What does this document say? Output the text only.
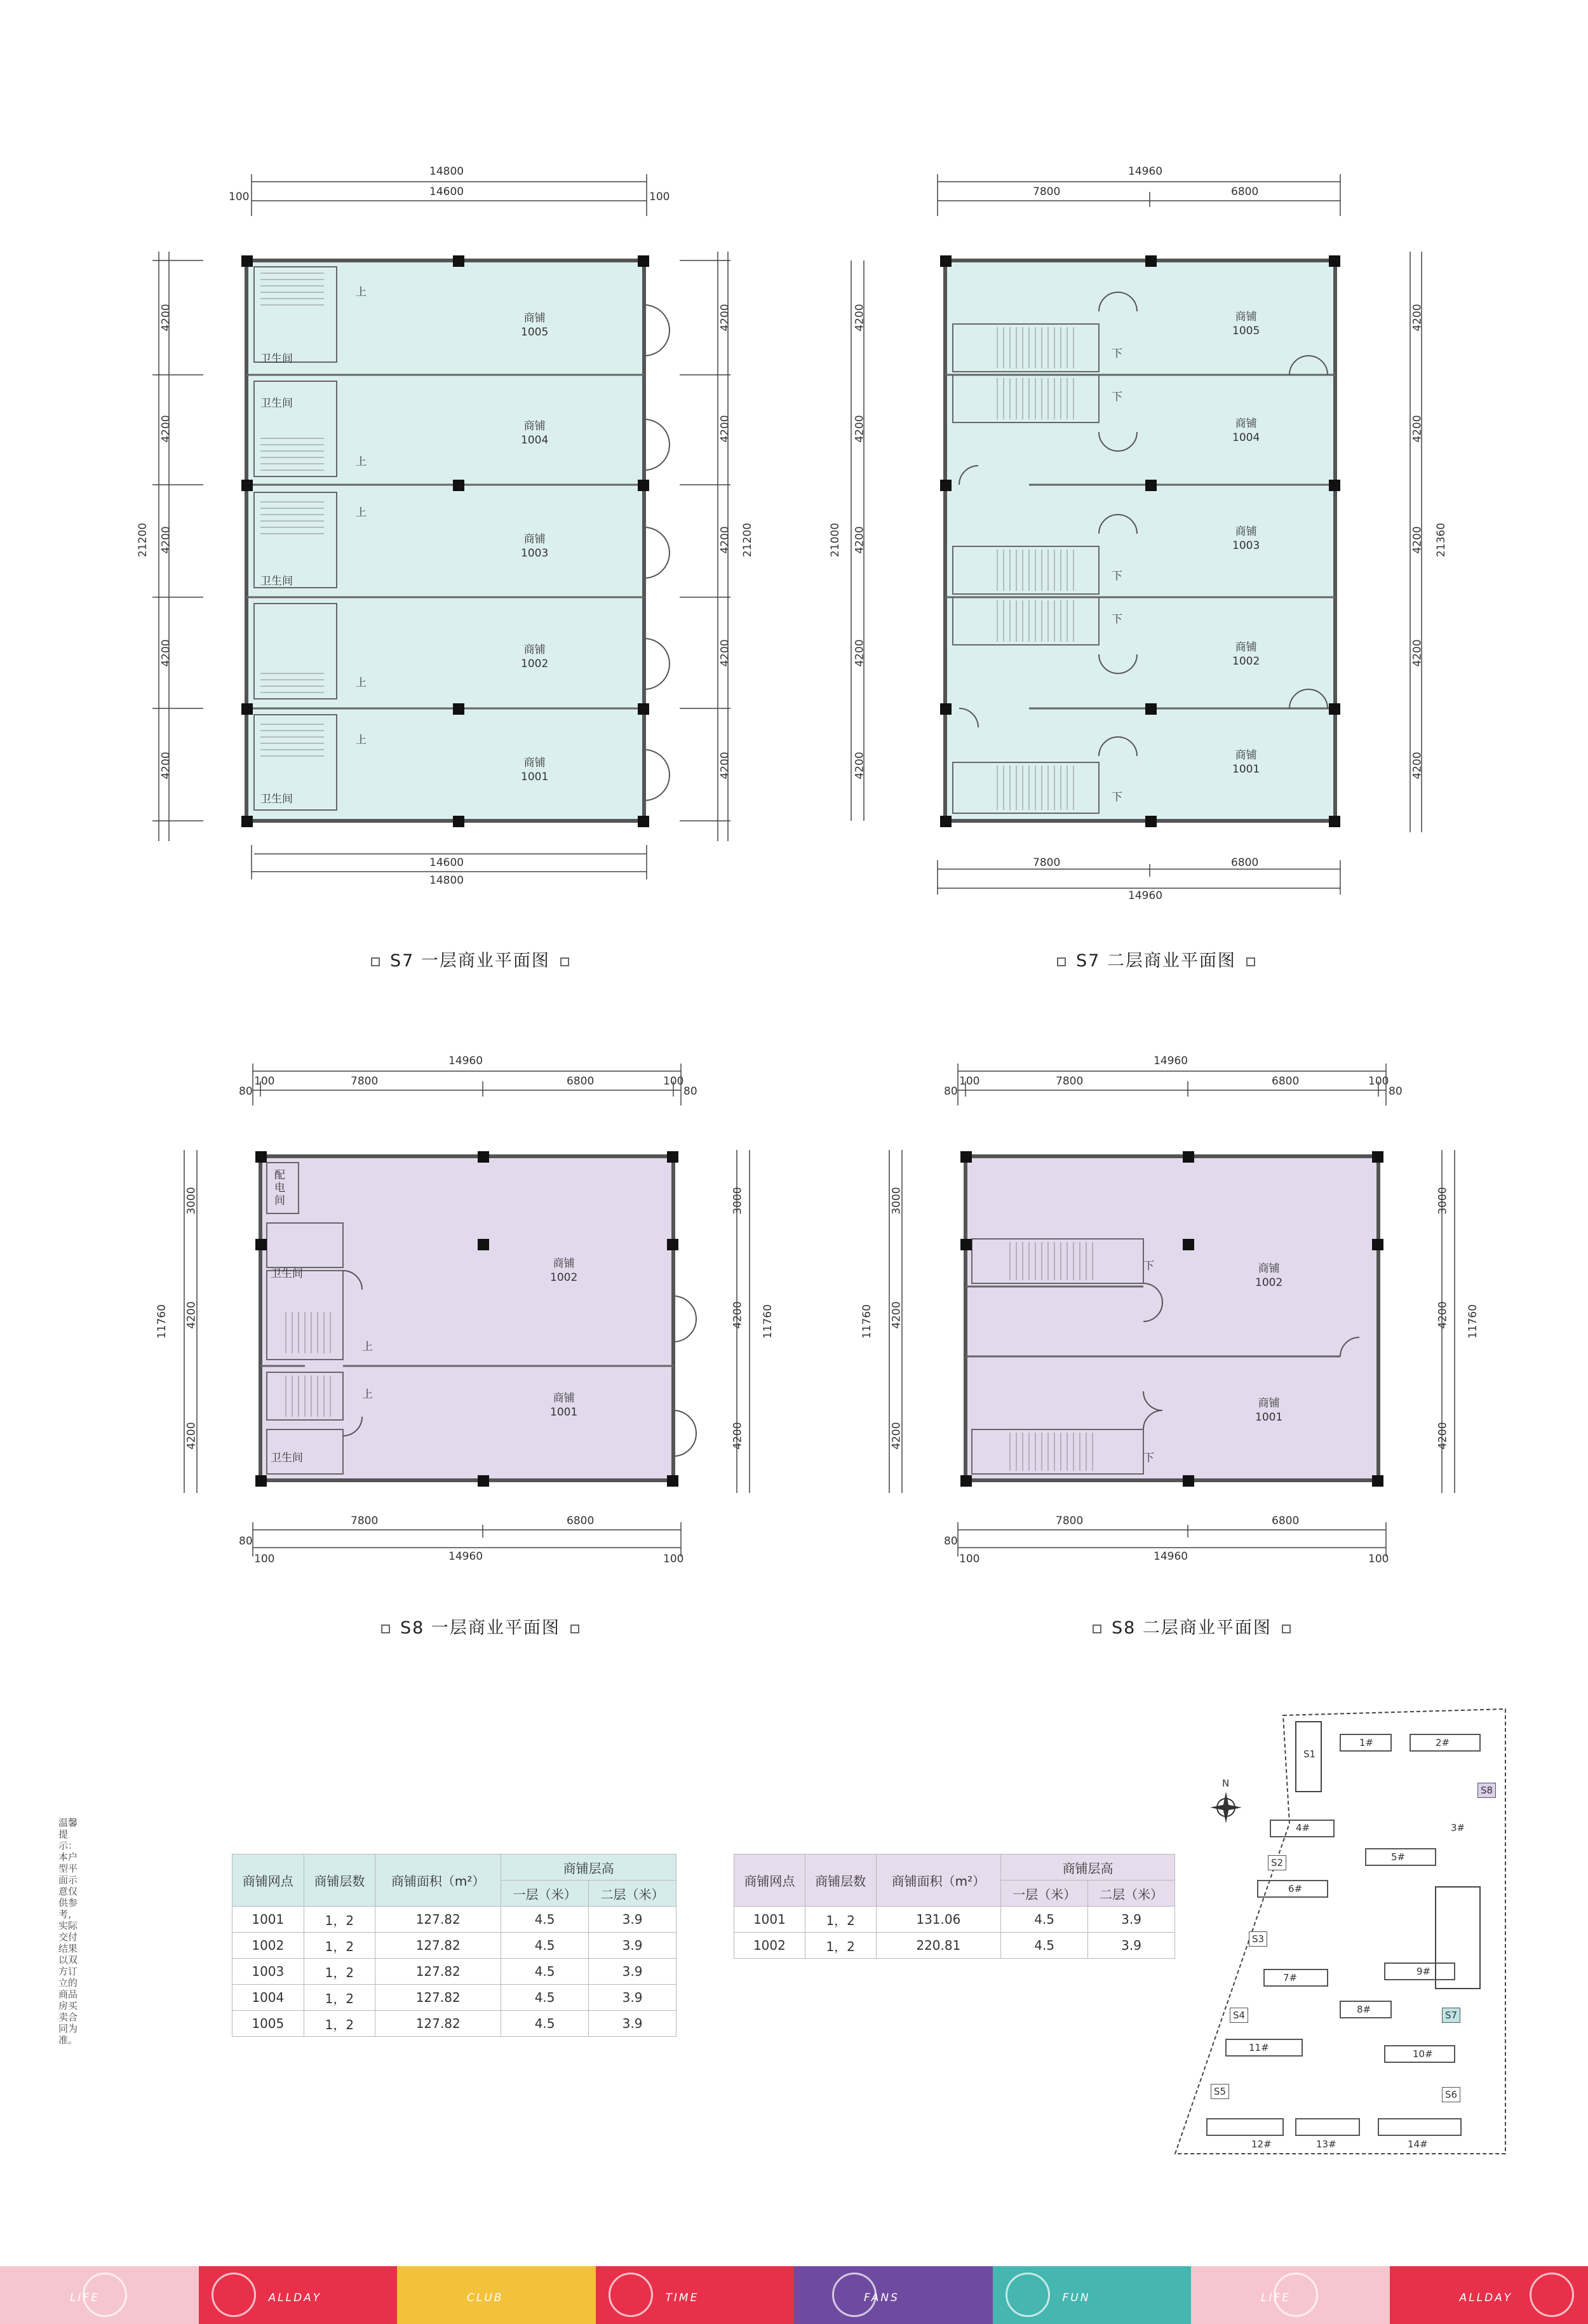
14800
14600
100	100
14600
14800
21200	21200
4200
4200
4200
4200
4200
4200
4200
4200
4200
4200
商铺
1005
商铺
1004
商铺
1003
商铺
1002
商铺
1001
卫生间
卫生间
卫生间
卫生间
上
上
上
上
上
S7 一层商业平面图
14960
7800	6800
7800	6800
14960
21000	21360
4200
4200
4200
4200
4200
4200
4200
4200
4200
4200
商铺
1005
商铺
1004
商铺
1003
商铺
1002
商铺
1001
下
下
下
下
下
S7 二层商业平面图
14960
7800	6800
100	100
80	80
7800	6800
14960
80
100	100
11760	11760
3000
4200
4200
3000
4200
4200
商铺
1002
商铺
1001
配电间
卫生间
卫生间
上
上
S8 一层商业平面图
14960
7800	6800
100	100
80	80
7800	6800
14960
80
100	100
11760	11760
3000
4200
4200
3000
4200
4200
商铺
1002
商铺
1001
下
下
S8 二层商业平面图
温馨提示：本户型平面示意仅供参考，实际交付结果以双方订立的商品房买卖合同为准。
商铺网点	商铺层数	商铺面积（m²）	商铺层高	
			一层（米）	二层（米）
1001	1，2	127.82	4.5	3.9
1002	1，2	127.82	4.5	3.9
1003	1，2	127.82	4.5	3.9
1004	1，2	127.82	4.5	3.9
1005	1，2	127.82	4.5	3.9
商铺网点	商铺层数	商铺面积（m²）	商铺层高	
			一层（米）	二层（米）
1001	1，2	131.06	4.5	3.9
1002	1，2	220.81	4.5	3.9
N
1#	2#
3#
4#
5#
6#
7#
8#
9#
10#
11#
12#	13#	14#
S1
S2
S3
S4
S5	S6
S7
S8
LIFE	ALLDAY	CLUB	TIME	FANS	FUN	LIFE	ALLDAY
